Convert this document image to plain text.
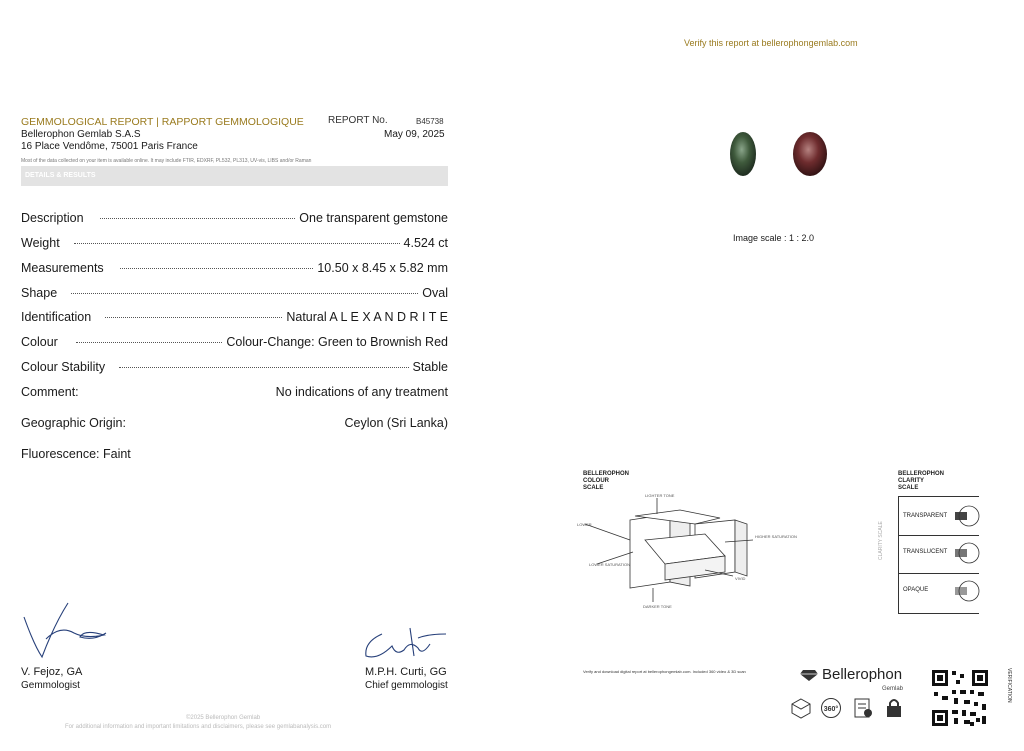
Verify this report at bellerophongemlab.com
GEMMOLOGICAL REPORT | RAPPORT GEMMOLOGIQUE REPORT No.	B45738
Bellerophon Gemlab S.A.S	May 09, 2025
16 Place Vendôme, 75001 Paris France
Most of the data collected on your item is available online. It may include FTIR, EDXRF, PL532, PL313, UV-vis, LIBS and/or Raman
DETAILS & RESULTS
Description	One transparent gemstone
Weight	4.524 ct
Measurements	10.50 x 8.45 x 5.82 mm
Shape	Oval
Identification	Natural A L E X A N D R I T E
Colour	Colour-Change: Green to Brownish Red
Colour Stability	Stable
Comment:	No indications of any treatment
Geographic Origin:	Ceylon (Sri Lanka)
Fluorescence: Faint
Image scale : 1 : 2.0
BELLEROPHON
COLOUR
SCALE
LIGHTER TONE
LOWER
LOWER SATURATION
HIGHER SATURATION
VIVID
DARKER TONE
BELLEROPHON
CLARITY
SCALE
CLARITY SCALE
TRANSPARENT
TRANSLUCENT
OPAQUE
V. Fejoz, GA
Gemmologist
M.P.H. Curti, GG
Chief gemmologist
©2025 Bellerophon Gemlab
For additional information and important limitations and disclaimers, please see gemlabanalysis.com
Verify and download digital report at bellerophongemlab.com. Included 360 video & 3D scan	Bellerophon
Gemlab
360°
VERIFICATION
